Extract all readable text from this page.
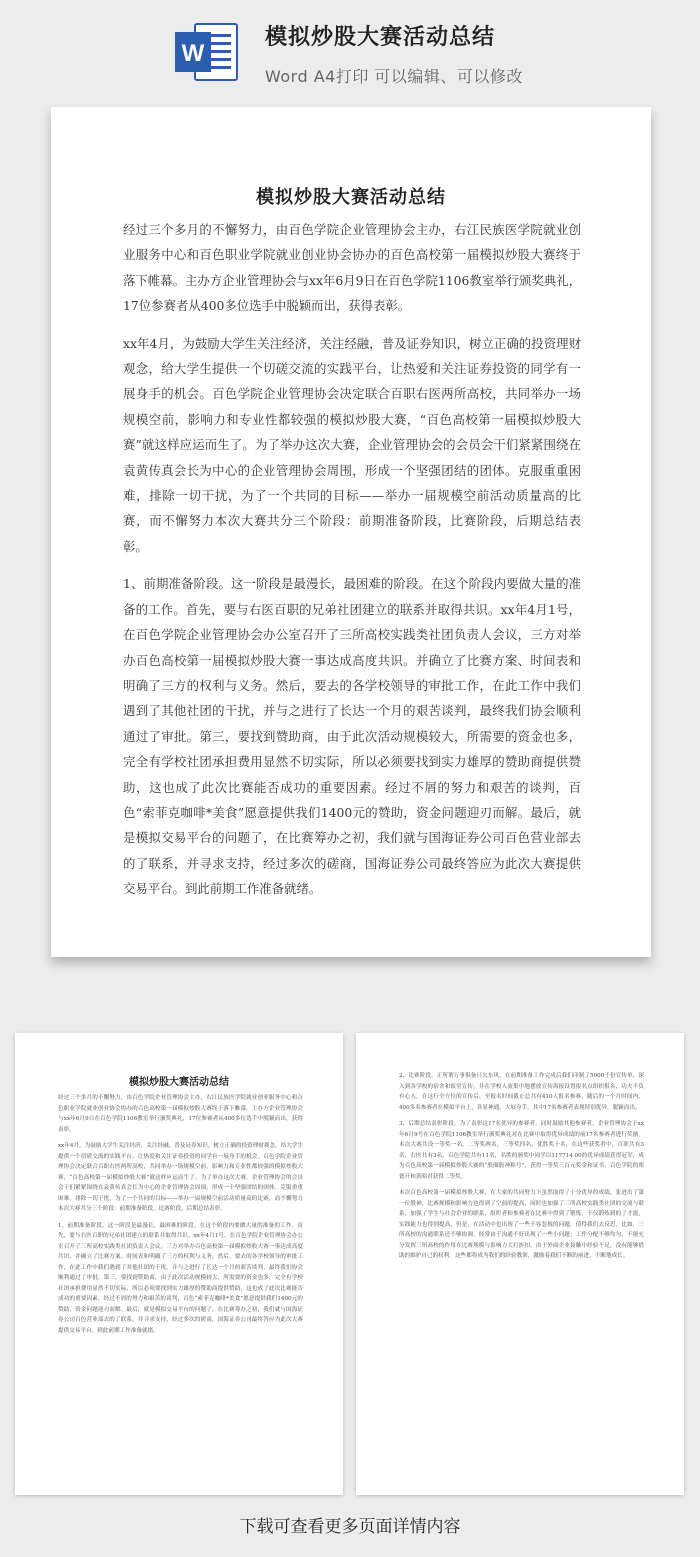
W
模拟炒股大赛活动总结
Word A4打印 可以编辑、可以修改
模拟炒股大赛活动总结

经过三个多月的不懈努力，由百色学院企业管理协会主办，右江民族医学院就业创业服务中心和百色职业学院就业创业协会协办的百色高校第一届模拟炒股大赛终于落下帷幕。主办方企业管理协会与xx年6月9日在百色学院1106教室举行颁奖典礼，17位参赛者从400多位选手中脱颖而出，获得表彰。

xx年4月，为鼓励大学生关注经济，关注经融，普及证券知识，树立正确的投资理财观念，给大学生提供一个切磋交流的实践平台，让热爱和关注证券投资的同学有一展身手的机会。百色学院企业管理协会决定联合百职右医两所高校，共同举办一场规模空前，影响力和专业性都较强的模拟炒股大赛，“百色高校第一届模拟炒股大赛”就这样应运而生了。为了举办这次大赛，企业管理协会的会员会干们紧紧围绕在袁黄传真会长为中心的企业管理协会周围，形成一个坚强团结的团体。克服重重困难，排除一切干扰，为了一个共同的目标——举办一届规模空前活动质量高的比赛，而不懈努力本次大赛共分三个阶段：前期准备阶段，比赛阶段，后期总结表彰。

1、前期准备阶段。这一阶段是最漫长，最困难的阶段。在这个阶段内要做大量的准备的工作。首先，要与右医百职的兄弟社团建立的联系并取得共识。xx年4月1号，在百色学院企业管理协会办公室召开了三所高校实践类社团负责人会议，三方对举办百色高校第一届模拟炒股大赛一事达成高度共识。并确立了比赛方案、时间表和明确了三方的权利与义务。然后，要去的各学校领导的审批工作，在此工作中我们遇到了其他社团的干扰，并与之进行了长达一个月的艰苦谈判，最终我们协会顺利通过了审批。第三，要找到赞助商，由于此次活动规模较大，所需要的资金也多，完全有学校社团承担费用显然不切实际，所以必须要找到实力雄厚的赞助商提供赞助，这也成了此次比赛能否成功的重要因素。经过不屑的努力和艰苦的谈判，百色“索菲克咖啡*美食”愿意提供我们1400元的赞助，资金问题迎刃而解。最后，就是模拟交易平台的问题了，在比赛筹办之初，我们就与国海证券公司百色营业部去的了联系，并寻求支持，经过多次的磋商，国海证券公司最终答应为此次大赛提供交易平台。到此前期工作准备就绪。

模拟炒股大赛活动总结

经过三个多月的不懈努力，由百色学院企业管理协会主办，右江民族医学院就业创业服务中心和百色职业学院就业创业协会协办的百色高校第一届模拟炒股大赛终于落下帷幕。主办方企业管理协会与xx年6月9日在百色学院1106教室举行颁奖典礼，17位参赛者从400多位选手中脱颖而出，获得表彰。

xx年4月，为鼓励大学生关注经济，关注经融，普及证券知识，树立正确的投资理财观念，给大学生提供一个切磋交流的实践平台，让热爱和关注证券投资的同学有一展身手的机会。百色学院企业管理协会决定联合百职右医两所高校，共同举办一场规模空前，影响力和专业性都较强的模拟炒股大赛，“百色高校第一届模拟炒股大赛”就这样应运而生了。为了举办这次大赛，企业管理协会的会员会干们紧紧围绕在袁黄传真会长为中心的企业管理协会周围，形成一个坚强团结的团体。克服重重困难，排除一切干扰，为了一个共同的目标——举办一届规模空前活动质量高的比赛，而不懈努力本次大赛共分三个阶段：前期准备阶段，比赛阶段，后期总结表彰。

1、前期准备阶段。这一阶段是最漫长，最困难的阶段。在这个阶段内要做大量的准备的工作。首先，要与右医百职的兄弟社团建立的联系并取得共识。xx年4月1号，在百色学院企业管理协会办公室召开了三所高校实践类社团负责人会议，三方对举办百色高校第一届模拟炒股大赛一事达成高度共识。并确立了比赛方案、时间表和明确了三方的权利与义务。然后，要去的各学校领导的审批工作，在此工作中我们遇到了其他社团的干扰，并与之进行了长达一个月的艰苦谈判，最终我们协会顺利通过了审批。第三，要找到赞助商，由于此次活动规模较大，所需要的资金也多，完全有学校社团承担费用显然不切实际，所以必须要找到实力雄厚的赞助商提供赞助，这也成了此次比赛能否成功的重要因素。经过不屑的努力和艰苦的谈判，百色“索菲克咖啡*美食”愿意提供我们1400元的赞助，资金问题迎刃而解。最后，就是模拟交易平台的问题了，在比赛筹办之初，我们就与国海证券公司百色营业部去的了联系，并寻求支持，经过多次的磋商，国海证券公司最终答应为此次大赛提供交易平台。到此前期工作准备就绪。

2、比赛阶段。正所谓万事俱备只欠东风，在前期准备工作完成后我们印制了5000千份宣传单，深入到各学校的宿舍和饭堂宣传，并在学校人流集中地摆放宣传海报设置报名点组织报名，功夫不负有心人，在这行全方位的宣传后，至报名时间截止总共有410人报名参赛，随后的一个月时间内，400多名参赛者在模拟平台上，各显神通，大展身手，其中17名参赛者表现特别优异，脱颖而出。

3、后期总结表彰阶段。为了表彰这17名优异的参赛者，同时鼓励其他参赛者，企业管理协会于xx年6月9号在百色学院1106教室举行颁奖典礼对在比赛中取得优异成绩的前17名参赛者进行奖励。本次大赛共设一等奖一名，二等奖两名，三等奖四名，优胜奖十名，在这些获奖者中，百职共有3名，右医共有3名，百色学院共有11名，名胜的颁奖中同学以117714.00的优异成绩获得冠军，成为百色高校第一届模拟炒股大赛的“股圈股神称号”，获得一等奖三百元奖金和证书，百色学院的郑德开和黄昭君获得二等奖。

本次百色高校第一届模拟炒股大赛，在大家的共同努力下虽然取得了十分优异的成绩，张进出了第一位股神，比赛规模和影响力也得到了空前的提高，同时也加强了三所高校实践类社团的交流与联系，加强了学生与社会企业的联系，组织者和参赛者在比赛中得到了锻炼，不仅锻炼到的了才能，实践能力也得到提高，但是，在活动中也出现了一些不容忽视的问题，值得我们去反思，比如，三所高校的沟通联系还不够协调，经常由于沟通不好出现了一些小问题；工作分配不够均匀，不能充分发挥三所高校的作用在比赛规模与影响力大打折扣，由于外面企业接触中经验不足，没有能够借助的维护自己的权利。这些都将成为我们的经验教训，激励着我们不断的前进，不断地成长。

下载可查看更多页面详情内容
